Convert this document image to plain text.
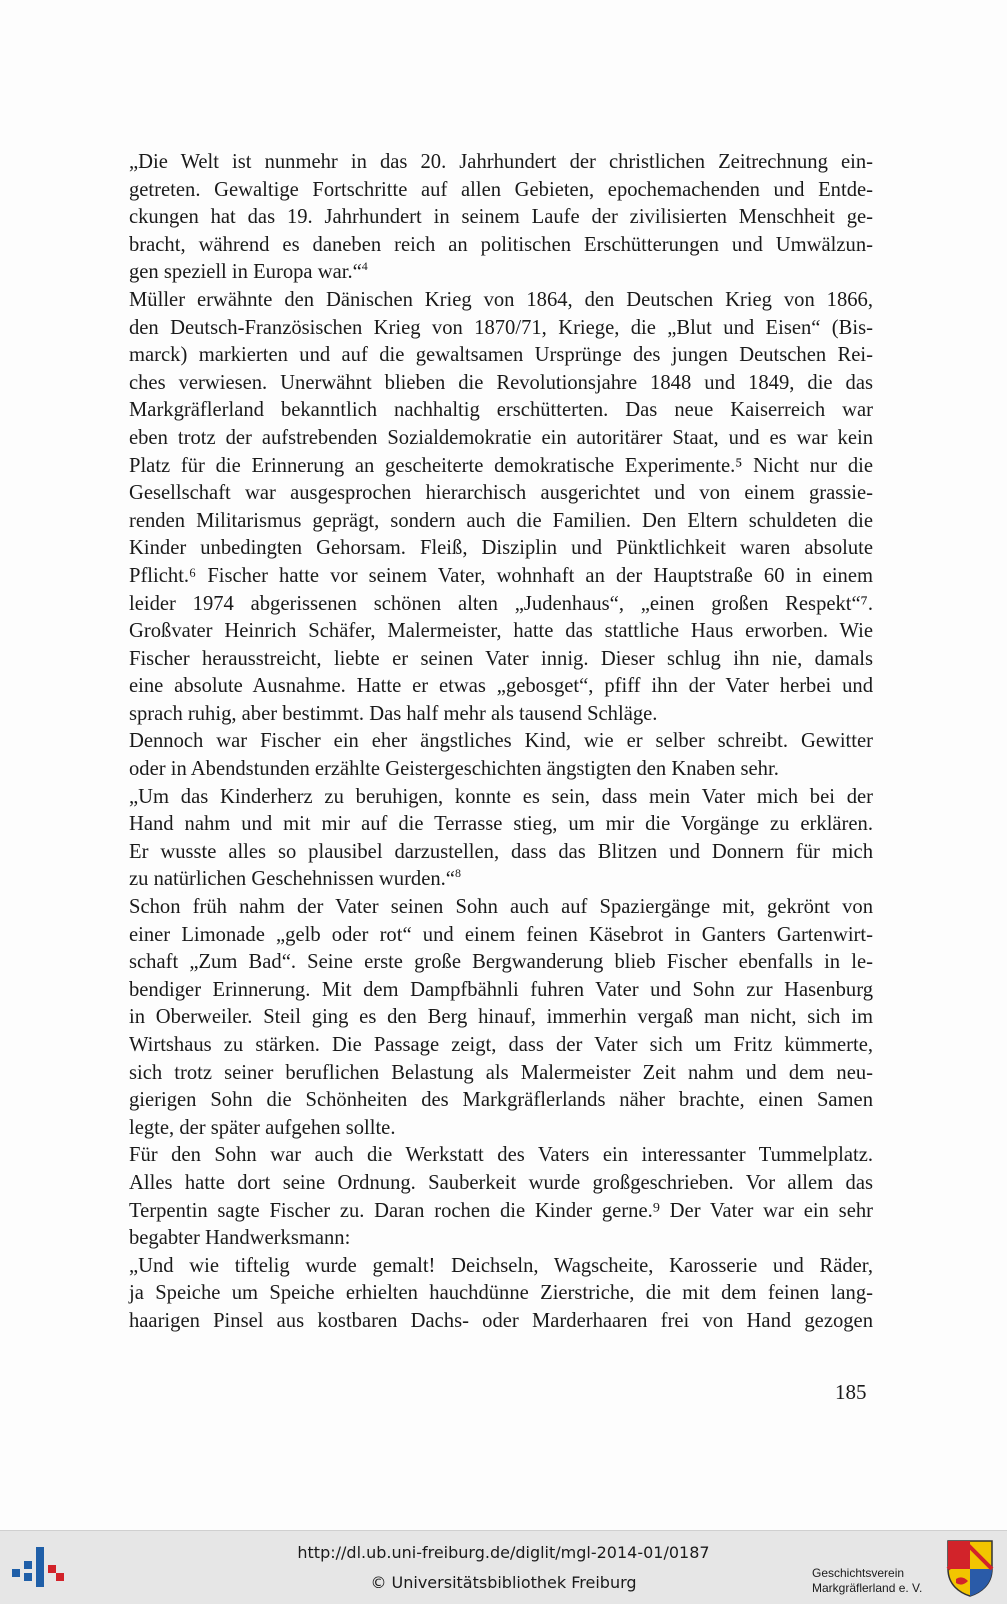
„Die Welt ist nunmehr in das 20. Jahrhundert der christlichen Zeitrechnung ein-
getreten. Gewaltige Fortschritte auf allen Gebieten, epochemachenden und Entde-
ckungen hat das 19. Jahrhundert in seinem Laufe der zivilisierten Menschheit ge-
bracht, während es daneben reich an politischen Erschütterungen und Umwälzun-
gen speziell in Europa war.“$^4$

Müller erwähnte den Dänischen Krieg von 1864, den Deutschen Krieg von 1866,
den Deutsch-Französischen Krieg von 1870/71, Kriege, die „Blut und Eisen“ (Bis-
marck) markierten und auf die gewaltsamen Ursprünge des jungen Deutschen Rei-
ches verwiesen. Unerwähnt blieben die Revolutionsjahre 1848 und 1849, die das
Markgräflerland bekanntlich nachhaltig erschütterten. Das neue Kaiserreich war
eben trotz der aufstrebenden Sozialdemokratie ein autoritärer Staat, und es war kein
Platz für die Erinnerung an gescheiterte demokratische Experimente.⁵ Nicht nur die
Gesellschaft war ausgesprochen hierarchisch ausgerichtet und von einem grassie-
renden Militarismus geprägt, sondern auch die Familien. Den Eltern schuldeten die
Kinder unbedingten Gehorsam. Fleiß, Disziplin und Pünktlichkeit waren absolute
Pflicht.⁶ Fischer hatte vor seinem Vater, wohnhaft an der Hauptstraße 60 in einem
leider 1974 abgerissenen schönen alten „Judenhaus“, „einen großen Respekt“⁷.
Großvater Heinrich Schäfer, Malermeister, hatte das stattliche Haus erworben. Wie
Fischer herausstreicht, liebte er seinen Vater innig. Dieser schlug ihn nie, damals
eine absolute Ausnahme. Hatte er etwas „gebosget“, pfiff ihn der Vater herbei und
sprach ruhig, aber bestimmt. Das half mehr als tausend Schläge.

Dennoch war Fischer ein eher ängstliches Kind, wie er selber schreibt. Gewitter
oder in Abendstunden erzählte Geistergeschichten ängstigten den Knaben sehr.

„Um das Kinderherz zu beruhigen, konnte es sein, dass mein Vater mich bei der
Hand nahm und mit mir auf die Terrasse stieg, um mir die Vorgänge zu erklären.
Er wusste alles so plausibel darzustellen, dass das Blitzen und Donnern für mich
zu natürlichen Geschehnissen wurden.“$^8$

Schon früh nahm der Vater seinen Sohn auch auf Spaziergänge mit, gekrönt von
einer Limonade „gelb oder rot“ und einem feinen Käsebrot in Ganters Gartenwirt-
schaft „Zum Bad“. Seine erste große Bergwanderung blieb Fischer ebenfalls in le-
bendiger Erinnerung. Mit dem Dampfbähnli fuhren Vater und Sohn zur Hasenburg
in Oberweiler. Steil ging es den Berg hinauf, immerhin vergaß man nicht, sich im
Wirtshaus zu stärken. Die Passage zeigt, dass der Vater sich um Fritz kümmerte,
sich trotz seiner beruflichen Belastung als Malermeister Zeit nahm und dem neu-
gierigen Sohn die Schönheiten des Markgräflerlands näher brachte, einen Samen
legte, der später aufgehen sollte.

Für den Sohn war auch die Werkstatt des Vaters ein interessanter Tummelplatz.
Alles hatte dort seine Ordnung. Sauberkeit wurde großgeschrieben. Vor allem das
Terpentin sagte Fischer zu. Daran rochen die Kinder gerne.⁹ Der Vater war ein sehr
begabter Handwerksmann:

„Und wie tiftelig wurde gemalt! Deichseln, Wagscheite, Karosserie und Räder,
ja Speiche um Speiche erhielten hauchdünne Zierstriche, die mit dem feinen lang-
haarigen Pinsel aus kostbaren Dachs- oder Marderhaaren frei von Hand gezogen

185
http://dl.ub.uni-freiburg.de/diglit/mgl-2014-01/0187
© Universitätsbibliothek Freiburg	Geschichtsverein
Markgräflerland e. V.
